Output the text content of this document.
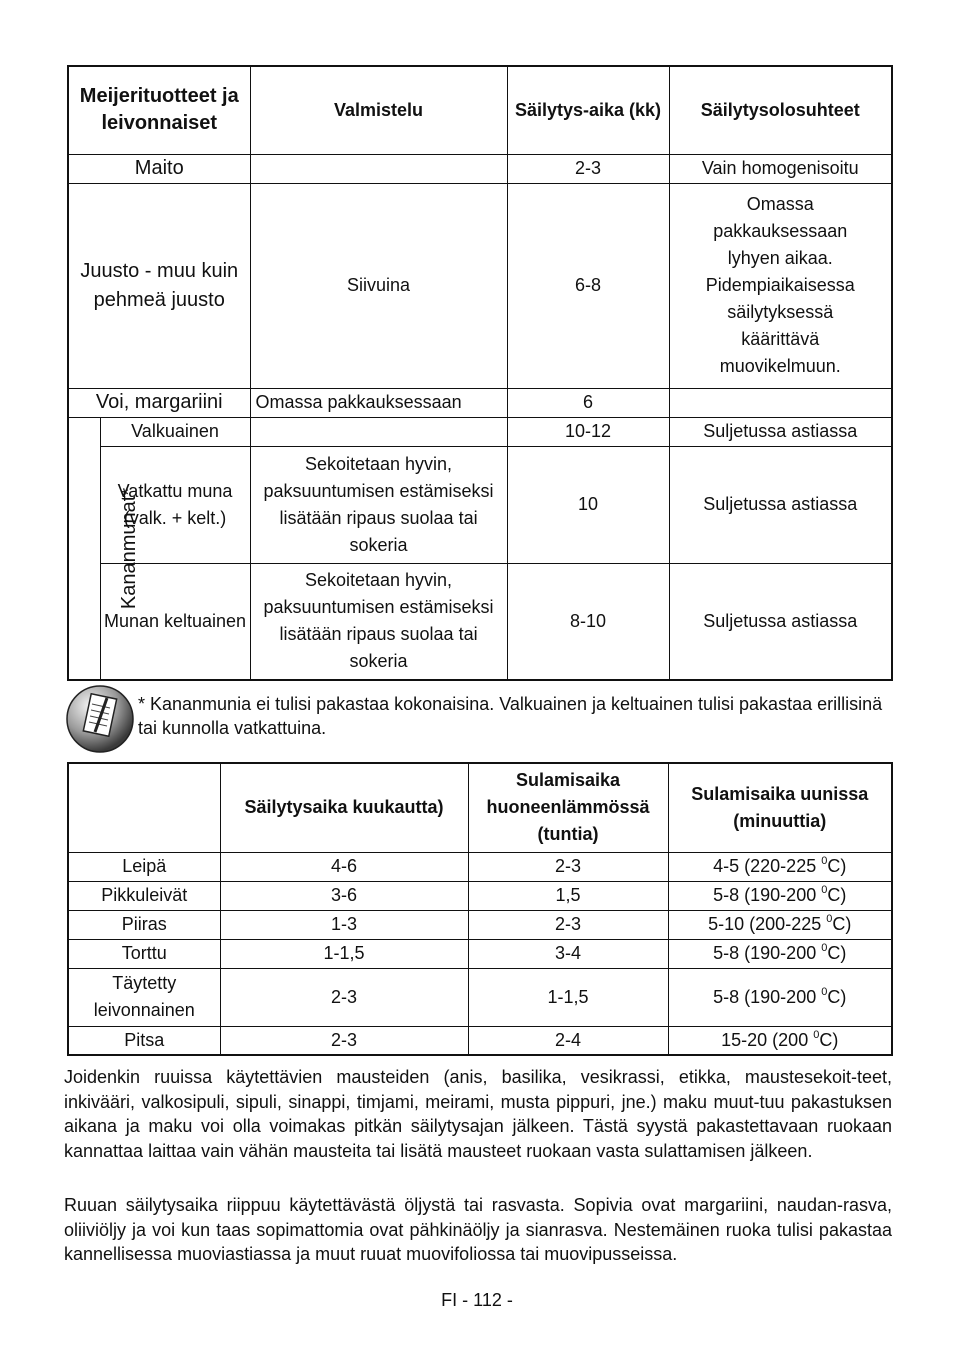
Meijerituotteet ja leivonnaiset		Valmistelu	Säilytys-aika (kk)	Säilytysolosuhteet
Maito			2-3	Vain homogenisoitu
Juusto - muu kuin pehmeä juusto		Siivuina	6-8	Omassa pakkauksessaan lyhyen aikaa. Pidempiaikaisessa säilytyksessä käärittävä muovikelmuun.
Voi, margariini		Omassa pakkauksessaan	6	
Kananmunat*	Valkuainen		10-12	Suljetussa astiassa
	Vatkattu muna (valk. + kelt.)	Sekoitetaan hyvin, paksuuntumisen estämiseksi lisätään ripaus suolaa tai sokeria	10	Suljetussa astiassa
	Munan keltuainen	Sekoitetaan hyvin, paksuuntumisen estämiseksi lisätään ripaus suolaa tai sokeria	8-10	Suljetussa astiassa
* Kananmunia ei tulisi pakastaa kokonaisina. Valkuainen ja keltuainen tulisi pakastaa erillisinä tai kunnolla vatkattuina.
	Säilytysaika kuukautta)	Sulamisaika huoneenlämmössä (tuntia)	Sulamisaika uunissa (minuuttia)
Leipä	4-6	2-3	4-5 (220-225 $^0$C)
Pikkuleivät	3-6	1,5	5-8 (190-200 $^0$C)
Piiras	1-3	2-3	5-10 (200-225 $^0$C)
Torttu	1-1,5	3-4	5-8 (190-200 $^0$C)
Täytetty leivonnainen	2-3	1-1,5	5-8 (190-200 $^0$C)
Pitsa	2-3	2-4	15-20 (200 $^0$C)

Joidenkin ruuissa käytettävien mausteiden (anis, basilika, vesikrassi, etikka, maustesekoit-teet, inkivääri, valkosipuli, sipuli, sinappi, timjami, meirami, musta pippuri, jne.) maku muut-tuu pakastuksen aikana ja maku voi olla voimakas pitkän säilytysajan jälkeen. Tästä syystä pakastettavaan ruokaan kannattaa laittaa vain vähän mausteita tai lisätä mausteet ruokaan vasta sulattamisen jälkeen.

Ruuan säilytysaika riippuu käytettävästä öljystä tai rasvasta. Sopivia ovat margariini, naudan-rasva, oliiviöljy ja voi kun taas sopimattomia ovat pähkinäöljy ja sianrasva. Nestemäinen ruoka tulisi pakastaa kannellisessa muoviastiassa ja muut ruuat muovifoliossa tai muovipusseissa.

FI - 112 -
